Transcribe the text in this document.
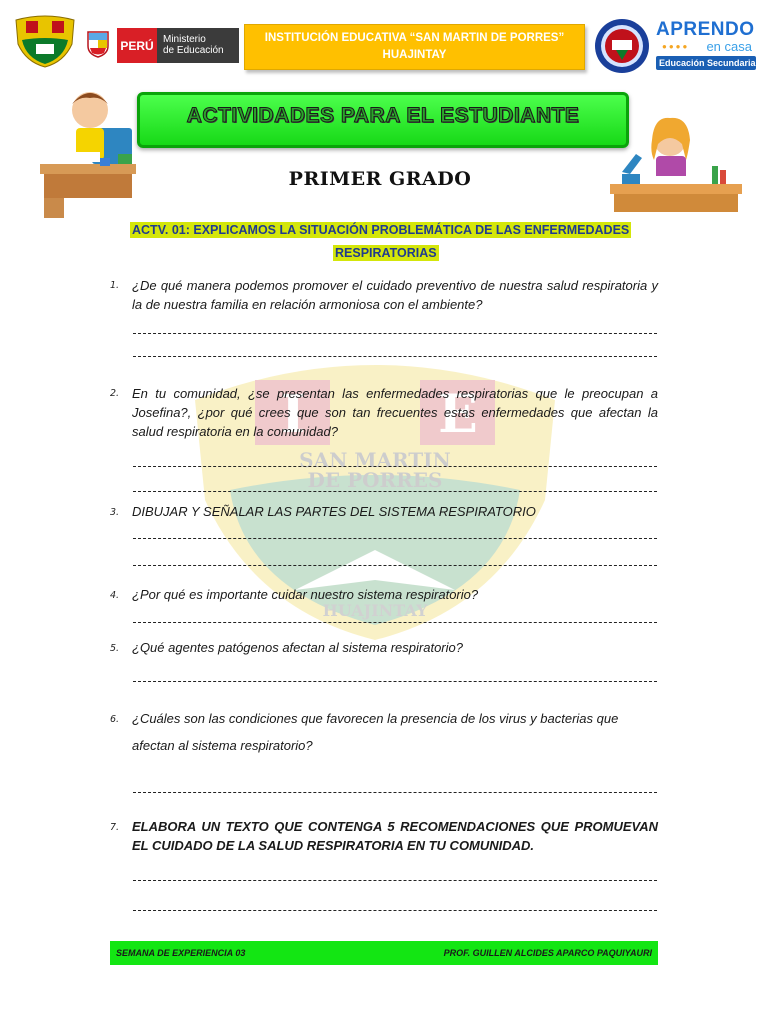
I	E
SAN MARTIN
DE PORRES
HUAJINTAY
PERÚ Ministerio
de Educación
INSTITUCIÓN EDUCATIVA “SAN MARTIN DE PORRES”
HUAJINTAY
APRENDO
●●●●	en casa
Educación Secundaria
ACTIVIDADES PARA EL ESTUDIANTE
PRIMER GRADO
ACTV. 01: EXPLICAMOS LA SITUACIÓN PROBLEMÁTICA DE LAS ENFERMEDADES
RESPIRATORIAS
1. ¿De qué manera podemos promover el cuidado preventivo de nuestra salud respiratoria y la de nuestra familia en relación armoniosa con el ambiente?
2. En tu comunidad, ¿se presentan las enfermedades respiratorias que le preocupan a Josefina?, ¿por qué crees que son tan frecuentes estas enfermedades que afectan la salud respiratoria en la comunidad?
3. DIBUJAR Y SEÑALAR LAS PARTES DEL SISTEMA RESPIRATORIO
4. ¿Por qué es importante cuidar nuestro sistema respiratorio?
5. ¿Qué agentes patógenos afectan al sistema respiratorio?
6. ¿Cuáles son las condiciones que favorecen la presencia de los virus y bacterias que
afectan al sistema respiratorio?
7. ELABORA UN TEXTO QUE CONTENGA 5 RECOMENDACIONES QUE PROMUEVAN EL CUIDADO DE LA SALUD RESPIRATORIA EN TU COMUNIDAD.
SEMANA DE EXPERIENCIA 03	PROF. GUILLEN ALCIDES APARCO PAQUIYAURI
